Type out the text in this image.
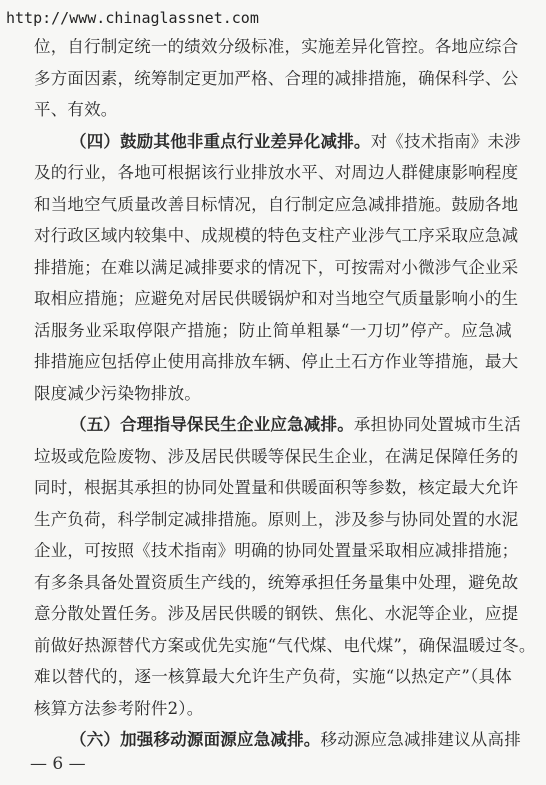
http://www.chinaglassnet.com
位，自行制定统一的绩效分级标准，实施差异化管控。各地应综合
多方面因素，统筹制定更加严格、合理的减排措施，确保科学、公
平、有效。
（四）鼓励其他非重点行业差异化减排。对《技术指南》未涉
及的行业，各地可根据该行业排放水平、对周边人群健康影响程度
和当地空气质量改善目标情况，自行制定应急减排措施。鼓励各地
对行政区域内较集中、成规模的特色支柱产业涉气工序采取应急减
排措施；在难以满足减排要求的情况下，可按需对小微涉气企业采
取相应措施；应避免对居民供暖锅炉和对当地空气质量影响小的生
活服务业采取停限产措施；防止简单粗暴“一刀切”停产。应急减
排措施应包括停止使用高排放车辆、停止土石方作业等措施，最大
限度减少污染物排放。
（五）合理指导保民生企业应急减排。承担协同处置城市生活
垃圾或危险废物、涉及居民供暖等保民生企业，在满足保障任务的
同时，根据其承担的协同处置量和供暖面积等参数，核定最大允许
生产负荷，科学制定减排措施。原则上，涉及参与协同处置的水泥
企业，可按照《技术指南》明确的协同处置量采取相应减排措施；
有多条具备处置资质生产线的，统筹承担任务量集中处理，避免故
意分散处置任务。涉及居民供暖的钢铁、焦化、水泥等企业，应提
前做好热源替代方案或优先实施“气代煤、电代煤”，确保温暖过冬。
难以替代的，逐一核算最大允许生产负荷，实施“以热定产”（具体
核算方法参考附件2）。
（六）加强移动源面源应急减排。移动源应急减排建议从高排
— 6 —
